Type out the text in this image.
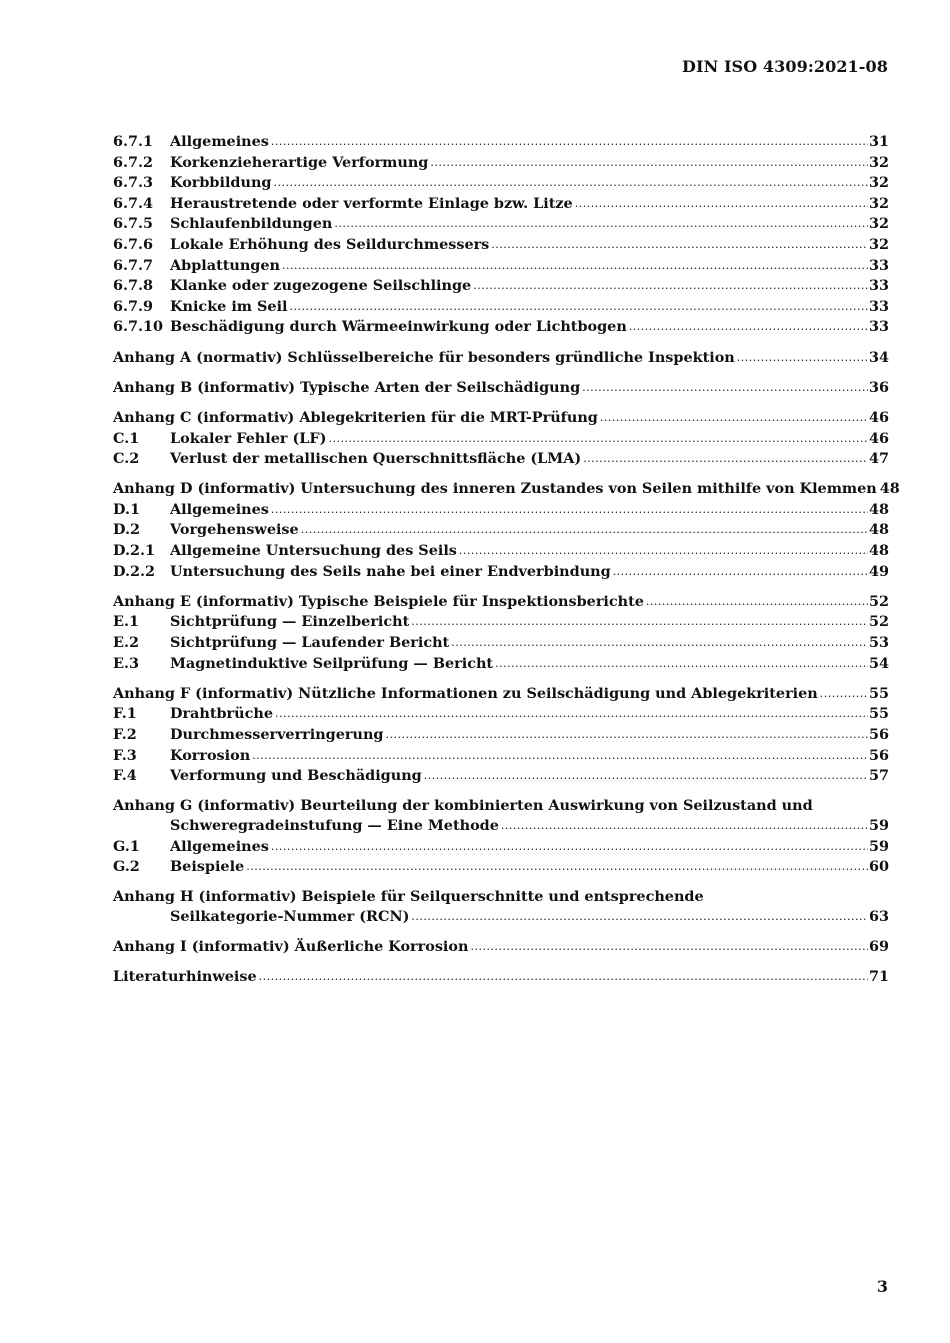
DIN ISO 4309:2021-08
6.7.1	Allgemeines .....	31
6.7.2	Korkenzieherartige Verformung .....	32
6.7.3	Korbbildung .....	32
6.7.4	Heraustretende oder verformte Einlage bzw. Litze .....	32
6.7.5	Schlaufenbildungen .....	32
6.7.6	Lokale Erhöhung des Seildurchmessers .....	32
6.7.7	Abplattungen .....	33
6.7.8	Klanke oder zugezogene Seilschlinge .....	33
6.7.9	Knicke im Seil .....	33
6.7.10 Beschädigung durch Wärmeeinwirkung oder Lichtbogen .....	33
Anhang A (normativ) Schlüsselbereiche für besonders gründliche Inspektion .....	34
Anhang B (informativ) Typische Arten der Seilschädigung .....	36
Anhang C (informativ) Ablegekriterien für die MRT-Prüfung .....	46
C.1	Lokaler Fehler (LF) .....	46
C.2	Verlust der metallischen Querschnittsfläche (LMA) .....	47
Anhang D (informativ) Untersuchung des inneren Zustandes von Seilen mithilfe von Klemmen 48
D.1	Allgemeines .....	48
D.2	Vorgehensweise .....	48
D.2.1	Allgemeine Untersuchung des Seils .....	48
D.2.2	Untersuchung des Seils nahe bei einer Endverbindung .....	49
Anhang E (informativ) Typische Beispiele für Inspektionsberichte .....	52
E.1	Sichtprüfung — Einzelbericht .....	52
E.2	Sichtprüfung — Laufender Bericht .....	53
E.3	Magnetinduktive Seilprüfung — Bericht .....	54
Anhang F (informativ) Nützliche Informationen zu Seilschädigung und Ablegekriterien .....	55
F.1	Drahtbrüche .....	55
F.2	Durchmesserverringerung .....	56
F.3	Korrosion .....	56
F.4	Verformung und Beschädigung .....	57
Anhang G (informativ) Beurteilung der kombinierten Auswirkung von Seilzustand und
Schweregradeinstufung — Eine Methode .....	59
G.1	Allgemeines .....	59
G.2	Beispiele .....	60
Anhang H (informativ) Beispiele für Seilquerschnitte und entsprechende
Seilkategorie-Nummer (RCN) .....	63
Anhang I (informativ) Äußerliche Korrosion .....	69
Literaturhinweise .....	71
3
